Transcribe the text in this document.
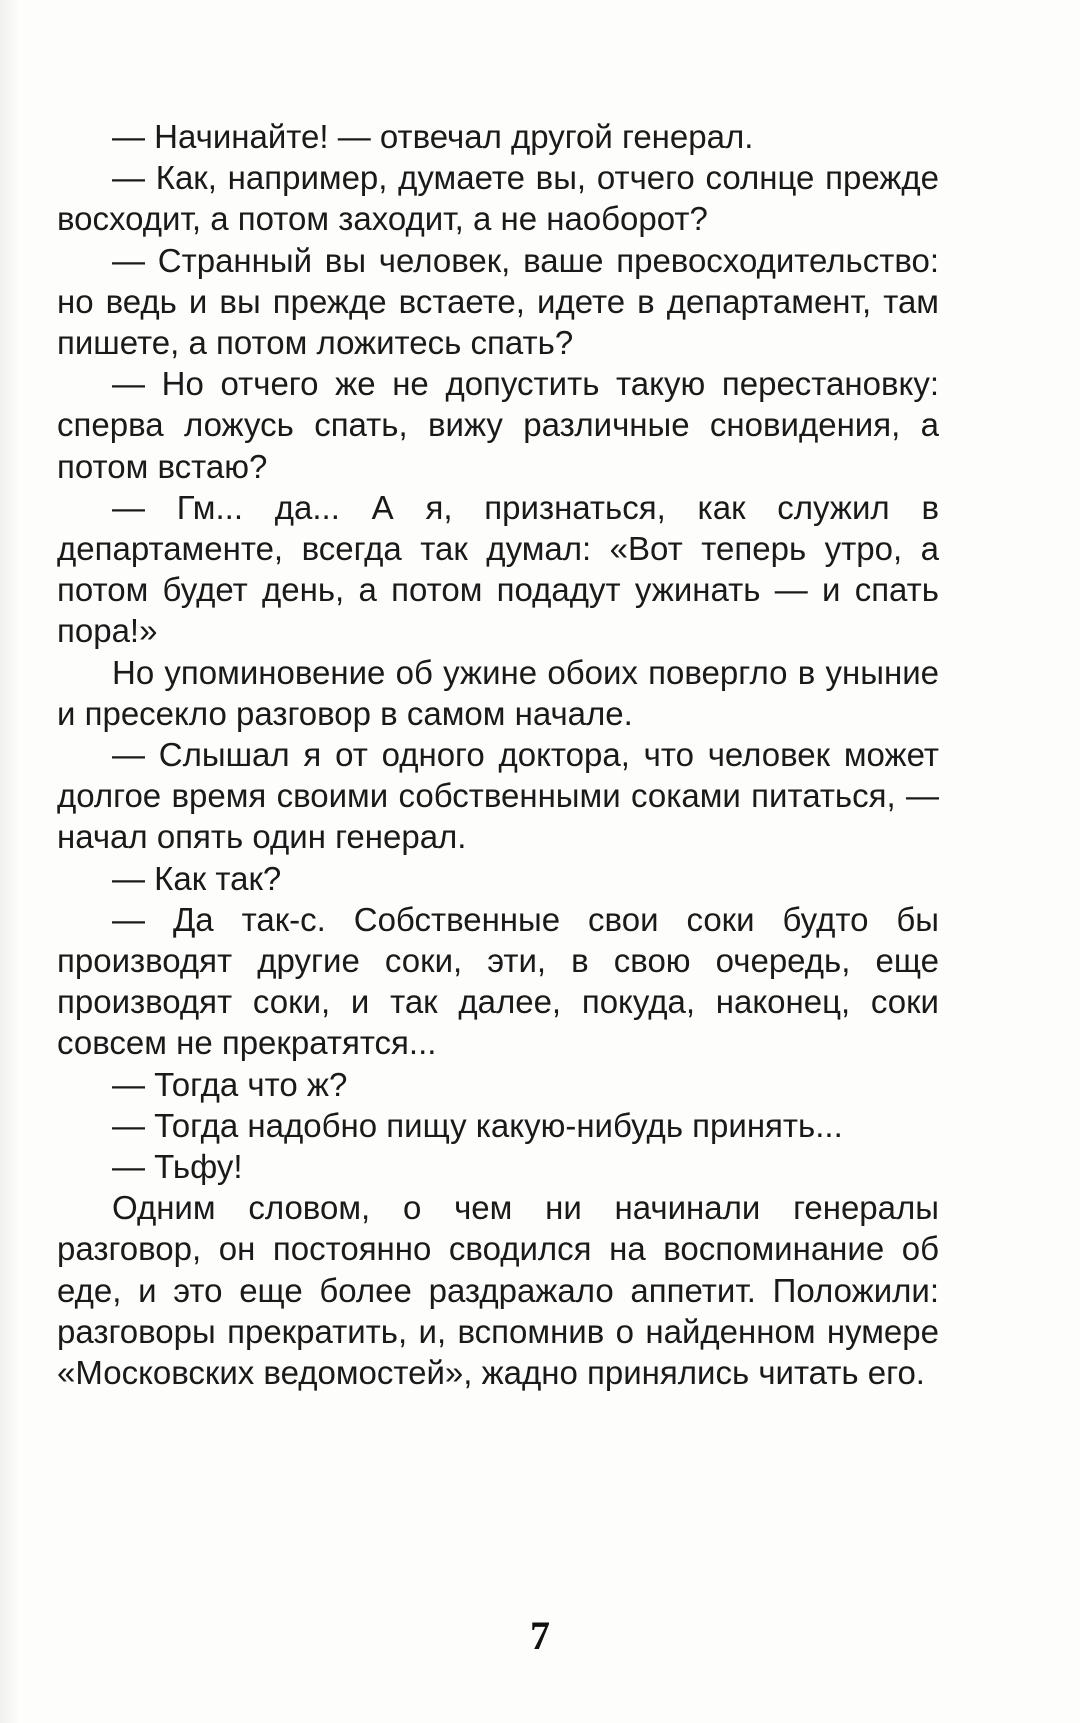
— Начинайте! — отвечал другой генерал.

— Как, например, думаете вы, отчего солнце прежде восходит, а потом заходит, а не наоборот?

— Странный вы человек, ваше превосходительство: но ведь и вы прежде встаете, идете в департамент, там пишете, а потом ложитесь спать?

— Но отчего же не допустить такую перестановку: сперва ложусь спать, вижу различные сновидения, а потом встаю?

— Гм... да... А я, признаться, как служил в департаменте, всегда так думал: «Вот теперь утро, а потом будет день, а потом подадут ужинать — и спать пора!»

Но упоминовение об ужине обоих повергло в уныние и пресекло разговор в самом начале.

— Слышал я от одного доктора, что человек может долгое время своими собственными соками питаться, — начал опять один генерал.

— Как так?

— Да так-с. Собственные свои соки будто бы производят другие соки, эти, в свою очередь, еще производят соки, и так далее, покуда, наконец, соки совсем не прекратятся...

— Тогда что ж?

— Тогда надобно пищу какую-нибудь принять...

— Тьфу!

Одним словом, о чем ни начинали генералы разговор, он постоянно сводился на воспоминание об еде, и это еще более раздражало аппетит. Положили: разговоры прекратить, и, вспомнив о найденном нумере «Московских ведомостей», жадно принялись читать его.

7
